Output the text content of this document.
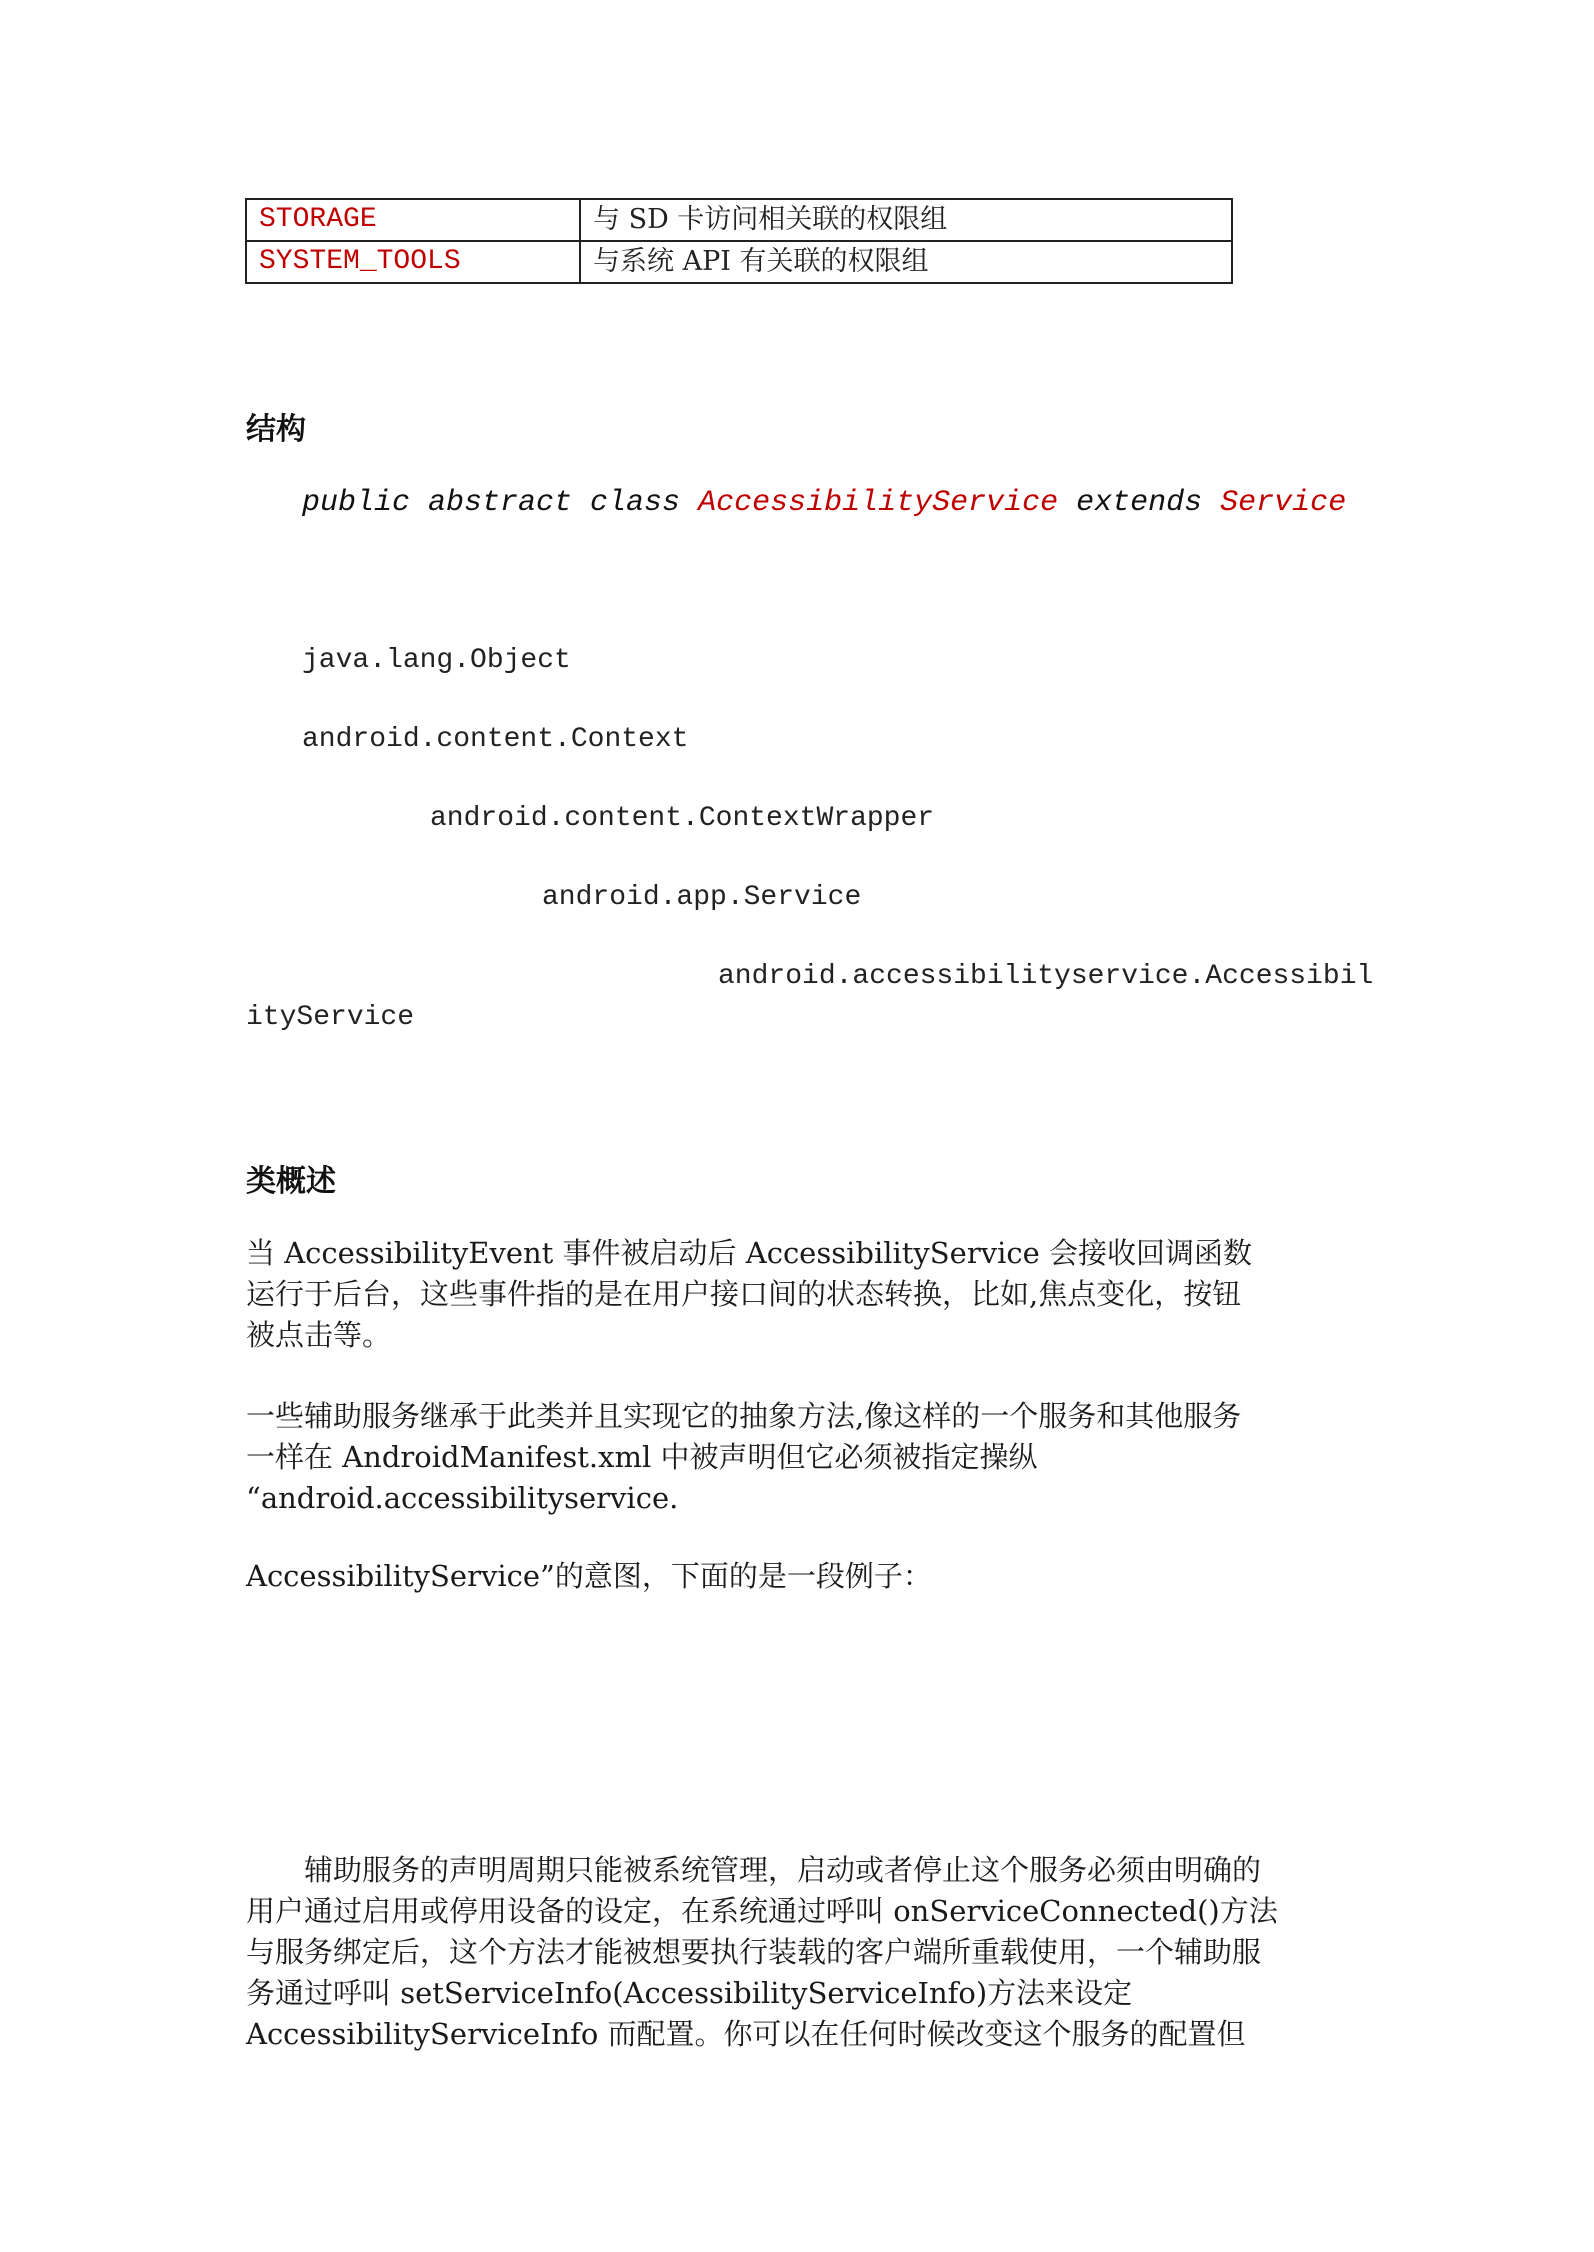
STORAGE	与 SD 卡访问相关联的权限组
SYSTEM_TOOLS	与系统 API 有关联的权限组
结构
public abstract class AccessibilityService extends Service
java.lang.Object
android.content.Context
android.content.ContextWrapper
android.app.Service
android.accessibilityservice.Accessibil
ityService
类概述

当 AccessibilityEvent 事件被启动后 AccessibilityService 会接收回调函数

运行于后台，这些事件指的是在用户接口间的状态转换，比如,焦点变化，按钮

被点击等。

一些辅助服务继承于此类并且实现它的抽象方法,像这样的一个服务和其他服务

一样在 AndroidManifest.xml 中被声明但它必须被指定操纵

“android.accessibilityservice.

AccessibilityService”的意图，下面的是一段例子：

　　辅助服务的声明周期只能被系统管理，启动或者停止这个服务必须由明确的

用户通过启用或停用设备的设定，在系统通过呼叫 onServiceConnected()方法

与服务绑定后，这个方法才能被想要执行装载的客户端所重载使用，一个辅助服

务通过呼叫 setServiceInfo(AccessibilityServiceInfo)方法来设定

AccessibilityServiceInfo 而配置。你可以在任何时候改变这个服务的配置但
